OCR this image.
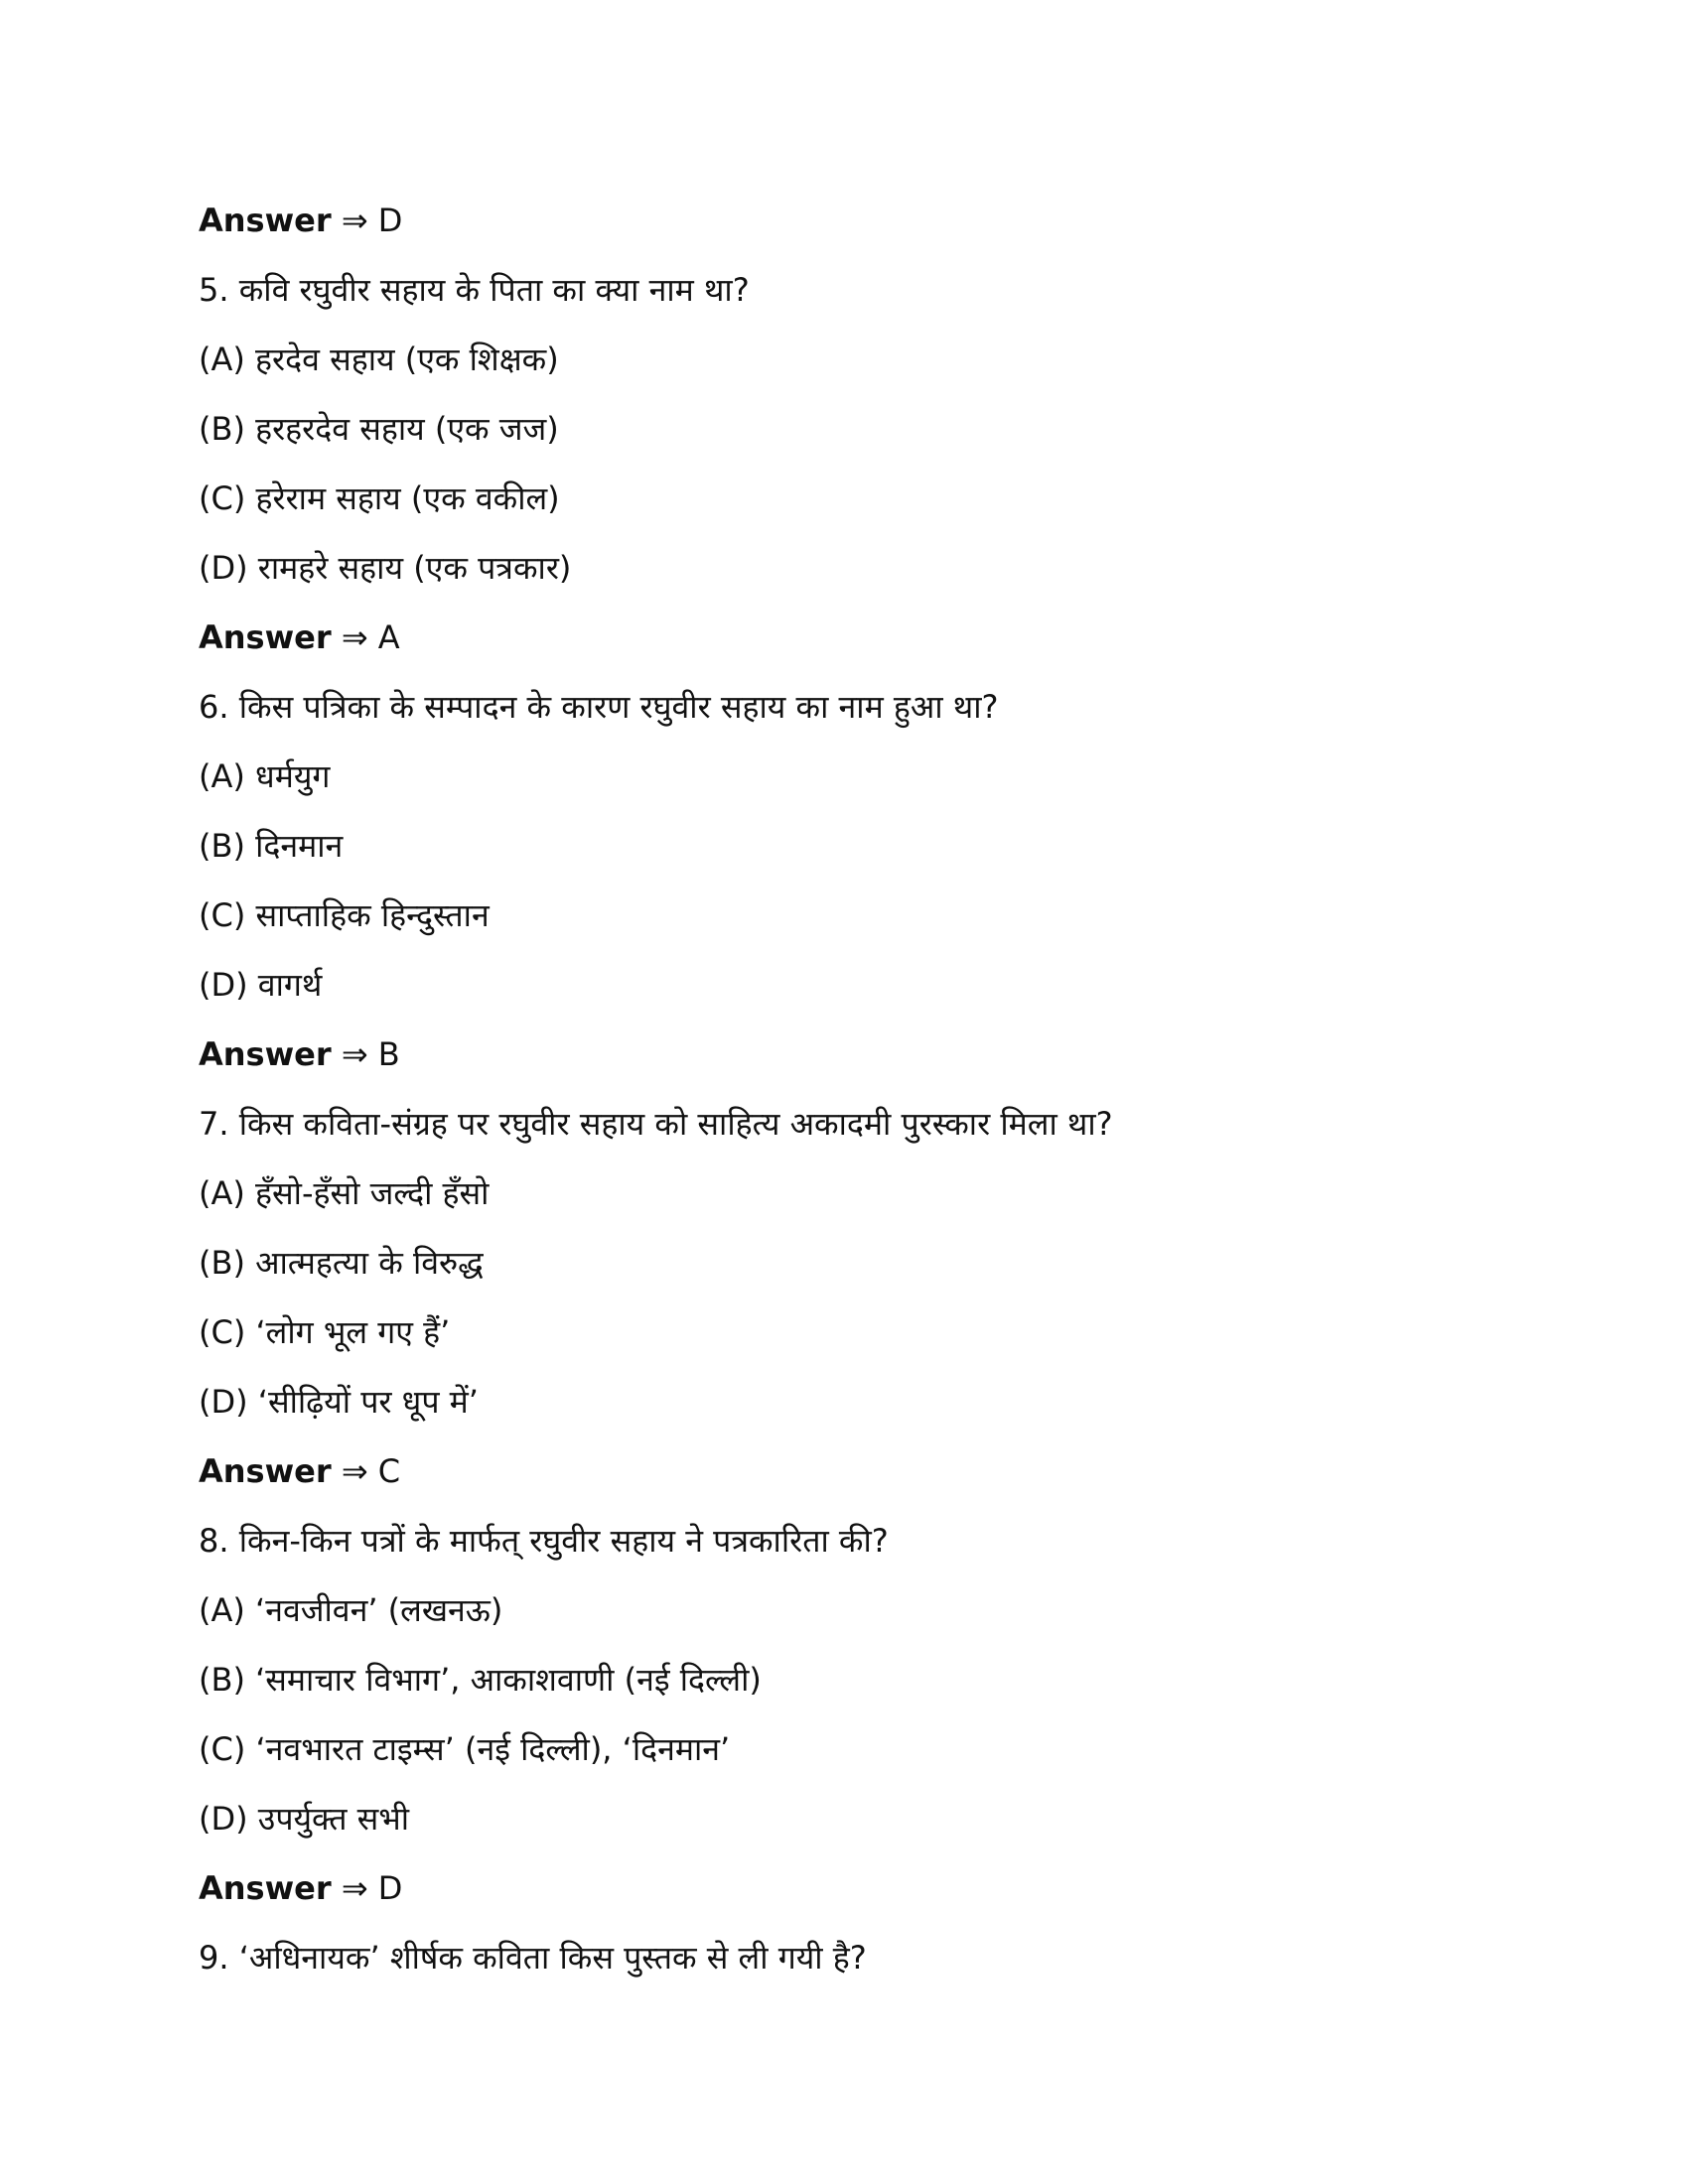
Answer ⇒ D
5. कवि रघुवीर सहाय के पिता का क्या नाम था?
(A) हरदेव सहाय (एक शिक्षक)
(B) हरहरदेव सहाय (एक जज)
(C) हरेराम सहाय (एक वकील)
(D) रामहरे सहाय (एक पत्रकार)
Answer ⇒ A
6. किस पत्रिका के सम्पादन के कारण रघुवीर सहाय का नाम हुआ था?
(A) धर्मयुग
(B) दिनमान
(C) साप्ताहिक हिन्दुस्तान
(D) वागर्थ
Answer ⇒ B
7. किस कविता-संग्रह पर रघुवीर सहाय को साहित्य अकादमी पुरस्कार मिला था?
(A) हँसो-हँसो जल्दी हँसो
(B) आत्महत्या के विरुद्ध
(C) ‘लोग भूल गए हैं’
(D) ‘सीढ़ियों पर धूप में’
Answer ⇒ C
8. किन-किन पत्रों के मार्फत् रघुवीर सहाय ने पत्रकारिता की?
(A) ‘नवजीवन’ (लखनऊ)
(B) ‘समाचार विभाग’, आकाशवाणी (नई दिल्ली)
(C) ‘नवभारत टाइम्स’ (नई दिल्ली), ‘दिनमान’
(D) उपर्युक्त सभी
Answer ⇒ D
9. ‘अधिनायक’ शीर्षक कविता किस पुस्तक से ली गयी है?
